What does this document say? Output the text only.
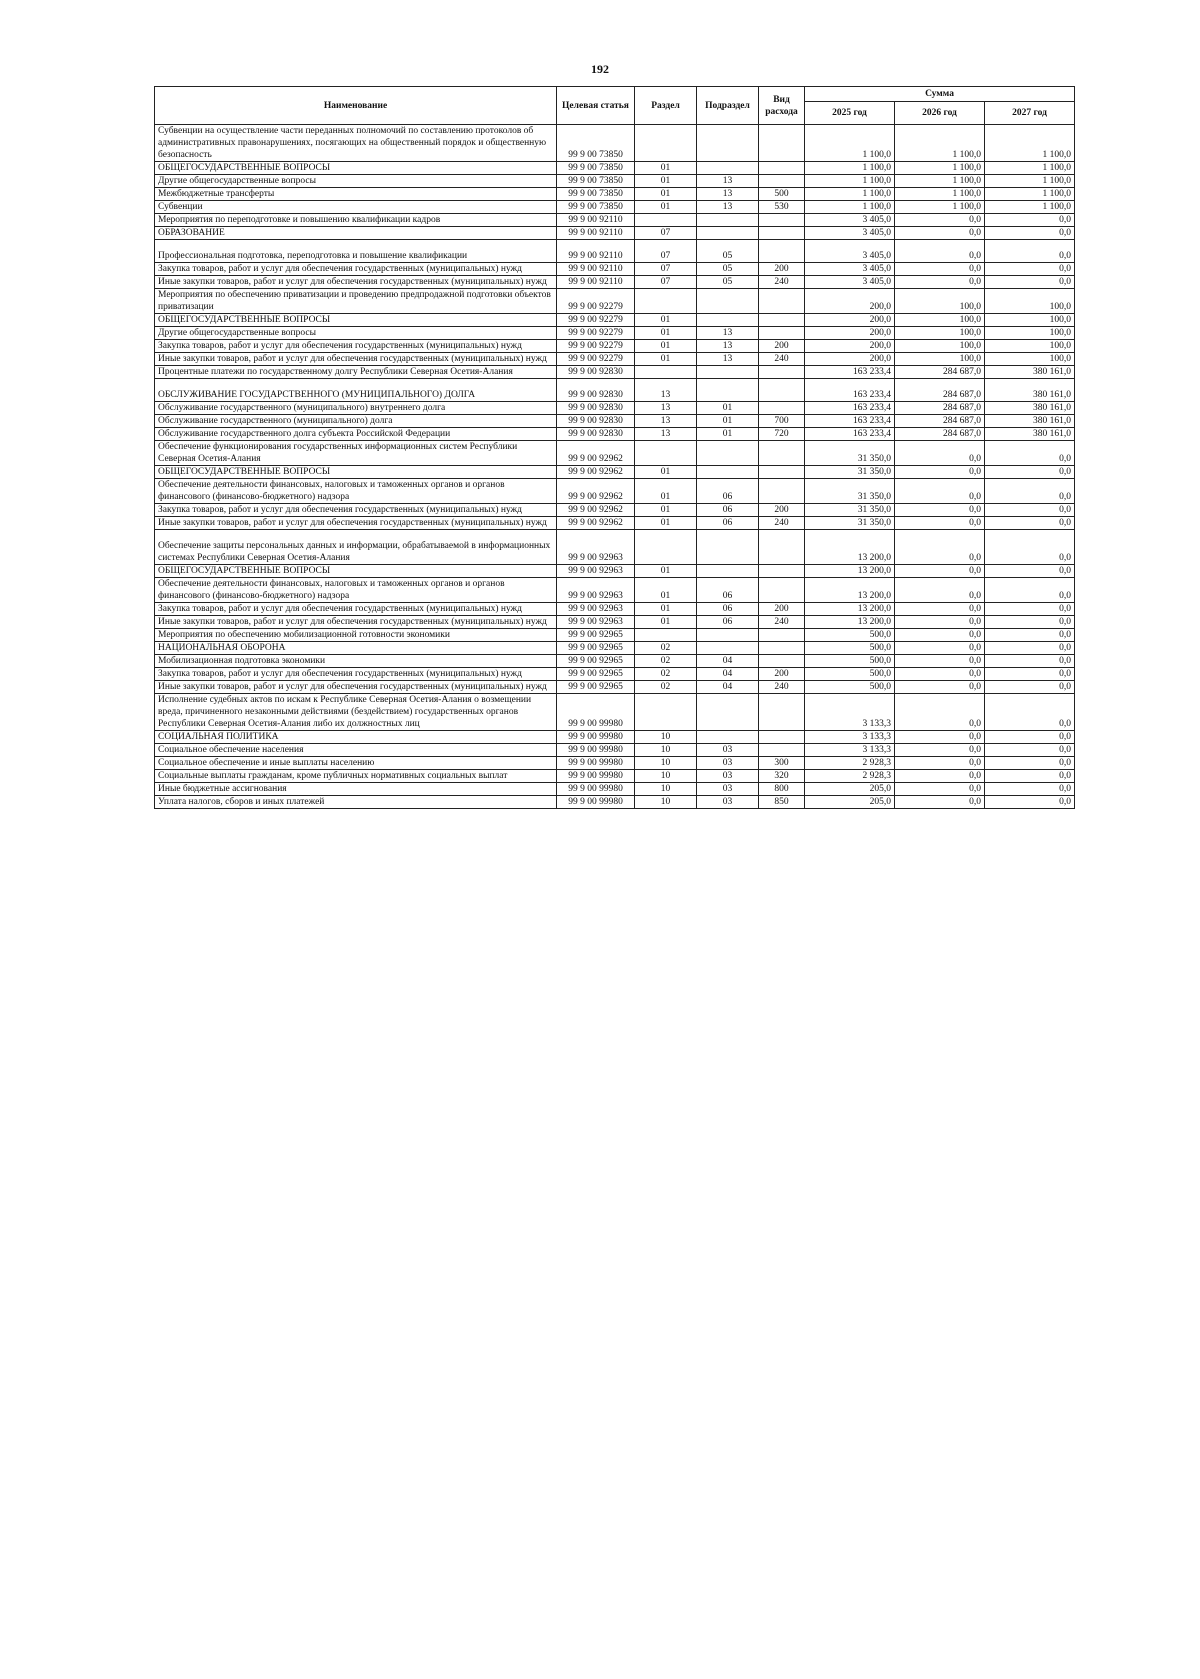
192
Наименование	Целевая статья	Раздел	Подраздел	Вид расхода	Сумма		
					2025 год	2026 год	2027 год
Субвенции на осуществление части переданных полномочий по составлению протоколов об административных правонарушениях, посягающих на общественный порядок и общественную безопасность	99 9 00 73850				1 100,0	1 100,0	1 100,0
ОБЩЕГОСУДАРСТВЕННЫЕ ВОПРОСЫ	99 9 00 73850	01			1 100,0	1 100,0	1 100,0
Другие общегосударственные вопросы	99 9 00 73850	01	13		1 100,0	1 100,0	1 100,0
Межбюджетные трансферты	99 9 00 73850	01	13	500	1 100,0	1 100,0	1 100,0
Субвенции	99 9 00 73850	01	13	530	1 100,0	1 100,0	1 100,0
Мероприятия по переподготовке и повышению квалификации кадров	99 9 00 92110				3 405,0	0,0	0,0
ОБРАЗОВАНИЕ	99 9 00 92110	07			3 405,0	0,0	0,0
Профессиональная подготовка, переподготовка и повышение квалификации	99 9 00 92110	07	05		3 405,0	0,0	0,0
Закупка товаров, работ и услуг для обеспечения государственных (муниципальных) нужд	99 9 00 92110	07	05	200	3 405,0	0,0	0,0
Иные закупки товаров, работ и услуг для обеспечения государственных (муниципальных) нужд	99 9 00 92110	07	05	240	3 405,0	0,0	0,0
Мероприятия по обеспечению приватизации и проведению предпродажной подготовки объектов приватизации	99 9 00 92279				200,0	100,0	100,0
ОБЩЕГОСУДАРСТВЕННЫЕ ВОПРОСЫ	99 9 00 92279	01			200,0	100,0	100,0
Другие общегосударственные вопросы	99 9 00 92279	01	13		200,0	100,0	100,0
Закупка товаров, работ и услуг для обеспечения государственных (муниципальных) нужд	99 9 00 92279	01	13	200	200,0	100,0	100,0
Иные закупки товаров, работ и услуг для обеспечения государственных (муниципальных) нужд	99 9 00 92279	01	13	240	200,0	100,0	100,0
Процентные платежи по государственному долгу Республики Северная Осетия-Алания	99 9 00 92830				163 233,4	284 687,0	380 161,0
ОБСЛУЖИВАНИЕ ГОСУДАРСТВЕННОГО (МУНИЦИПАЛЬНОГО) ДОЛГА	99 9 00 92830	13			163 233,4	284 687,0	380 161,0
Обслуживание государственного (муниципального) внутреннего долга	99 9 00 92830	13	01		163 233,4	284 687,0	380 161,0
Обслуживание государственного (муниципального) долга	99 9 00 92830	13	01	700	163 233,4	284 687,0	380 161,0
Обслуживание государственного долга субъекта Российской Федерации	99 9 00 92830	13	01	720	163 233,4	284 687,0	380 161,0
Обеспечение функционирования государственных информационных систем Республики Северная Осетия-Алания	99 9 00 92962				31 350,0	0,0	0,0
ОБЩЕГОСУДАРСТВЕННЫЕ ВОПРОСЫ	99 9 00 92962	01			31 350,0	0,0	0,0
Обеспечение деятельности финансовых, налоговых и таможенных органов и органов финансового (финансово-бюджетного) надзора	99 9 00 92962	01	06		31 350,0	0,0	0,0
Закупка товаров, работ и услуг для обеспечения государственных (муниципальных) нужд	99 9 00 92962	01	06	200	31 350,0	0,0	0,0
Иные закупки товаров, работ и услуг для обеспечения государственных (муниципальных) нужд	99 9 00 92962	01	06	240	31 350,0	0,0	0,0
Обеспечение защиты персональных данных и информации, обрабатываемой в информационных системах Республики Северная Осетия-Алания	99 9 00 92963				13 200,0	0,0	0,0
ОБЩЕГОСУДАРСТВЕННЫЕ ВОПРОСЫ	99 9 00 92963	01			13 200,0	0,0	0,0
Обеспечение деятельности финансовых, налоговых и таможенных органов и органов финансового (финансово-бюджетного) надзора	99 9 00 92963	01	06		13 200,0	0,0	0,0
Закупка товаров, работ и услуг для обеспечения государственных (муниципальных) нужд	99 9 00 92963	01	06	200	13 200,0	0,0	0,0
Иные закупки товаров, работ и услуг для обеспечения государственных (муниципальных) нужд	99 9 00 92963	01	06	240	13 200,0	0,0	0,0
Мероприятия по обеспечению мобилизационной готовности экономики	99 9 00 92965				500,0	0,0	0,0
НАЦИОНАЛЬНАЯ ОБОРОНА	99 9 00 92965	02			500,0	0,0	0,0
Мобилизационная подготовка экономики	99 9 00 92965	02	04		500,0	0,0	0,0
Закупка товаров, работ и услуг для обеспечения государственных (муниципальных) нужд	99 9 00 92965	02	04	200	500,0	0,0	0,0
Иные закупки товаров, работ и услуг для обеспечения государственных (муниципальных) нужд	99 9 00 92965	02	04	240	500,0	0,0	0,0
Исполнение судебных актов по искам к Республике Северная Осетия-Алания о возмещении вреда, причиненного незаконными действиями (бездействием) государственных органов Республики Северная Осетия-Алания либо их должностных лиц	99 9 00 99980				3 133,3	0,0	0,0
СОЦИАЛЬНАЯ ПОЛИТИКА	99 9 00 99980	10			3 133,3	0,0	0,0
Социальное обеспечение населения	99 9 00 99980	10	03		3 133,3	0,0	0,0
Социальное обеспечение и иные выплаты населению	99 9 00 99980	10	03	300	2 928,3	0,0	0,0
Социальные выплаты гражданам, кроме публичных нормативных социальных выплат	99 9 00 99980	10	03	320	2 928,3	0,0	0,0
Иные бюджетные ассигнования	99 9 00 99980	10	03	800	205,0	0,0	0,0
Уплата налогов, сборов и иных платежей	99 9 00 99980	10	03	850	205,0	0,0	0,0
